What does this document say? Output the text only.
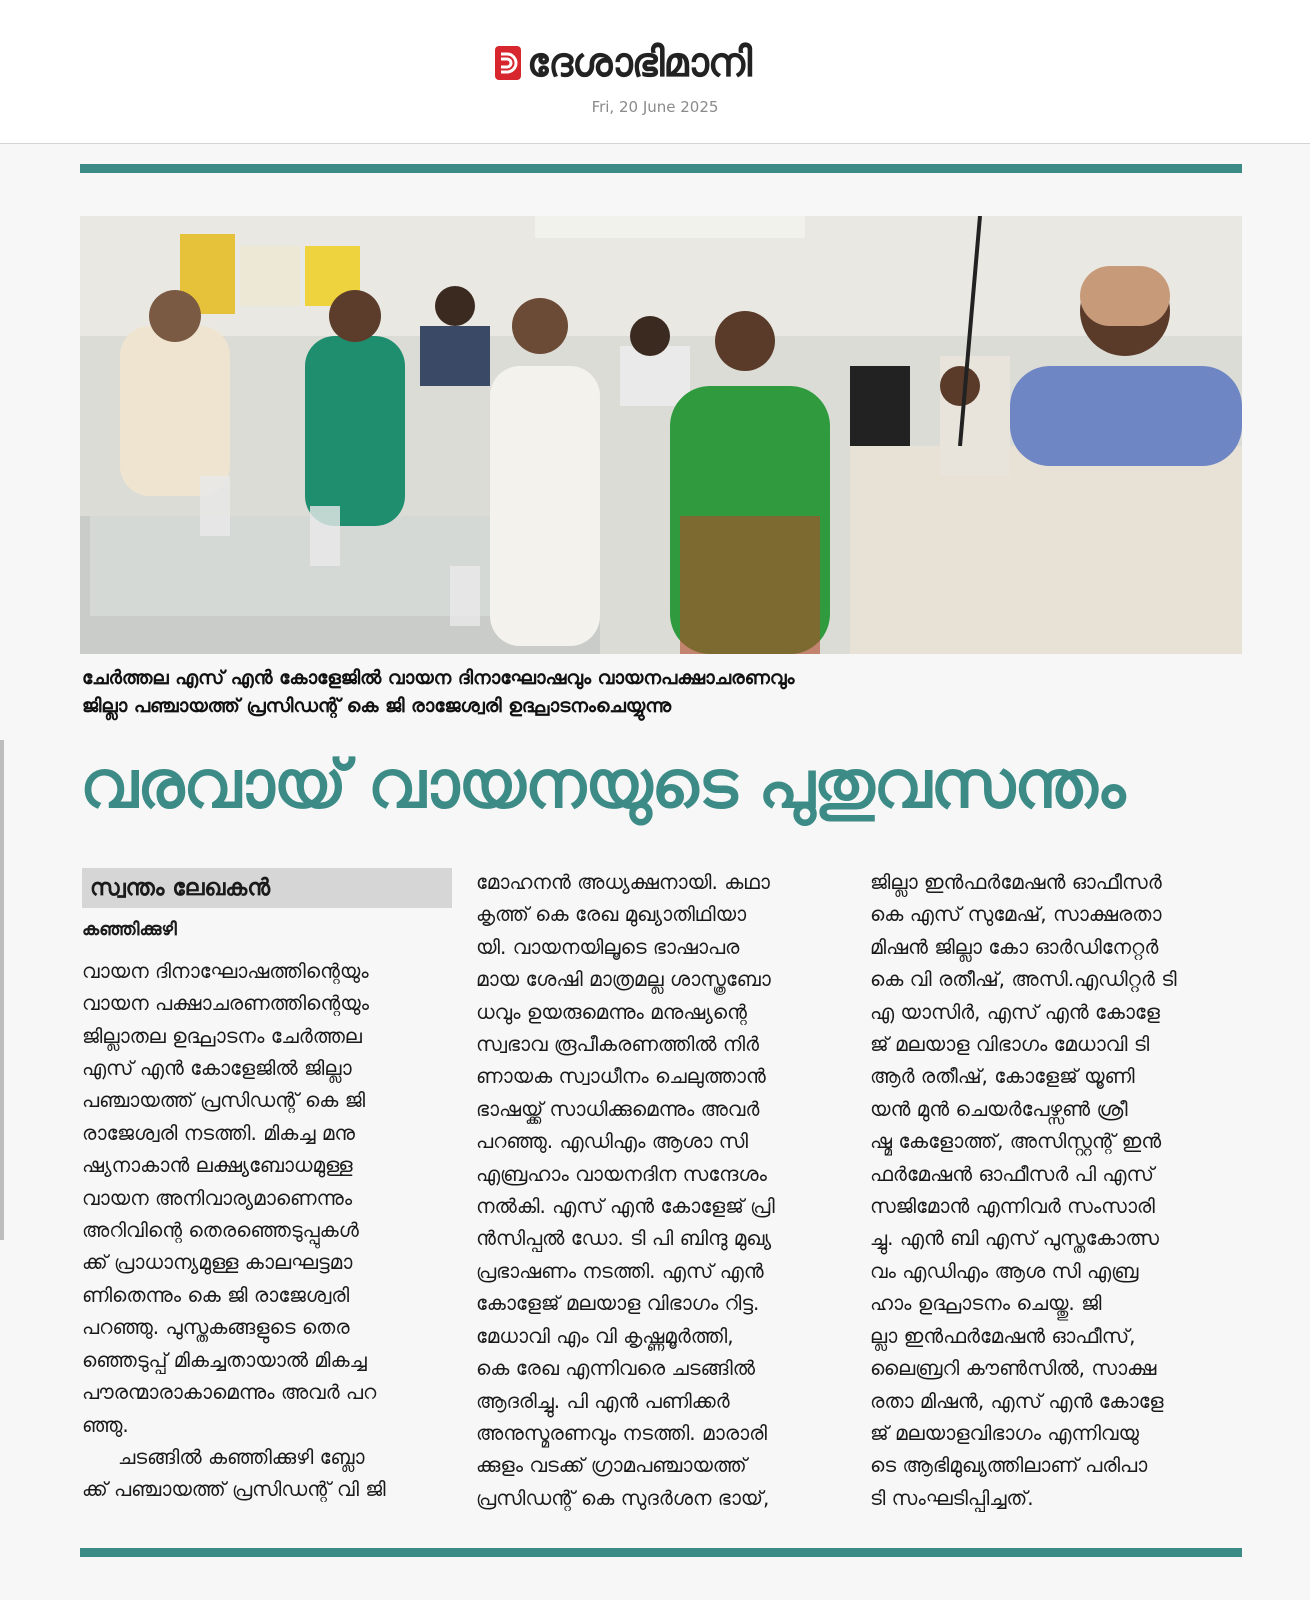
ദേശാഭിമാനി
Fri, 20 June 2025
ചേർത്തല എസ് എൻ കോളേജിൽ വായന ദിനാഘോഷവും വായനപക്ഷാചരണവും
ജില്ലാ പഞ്ചായത്ത് പ്രസിഡന്റ് കെ ജി രാജേശ്വരി ഉദ്ഘാടനംചെയ്യുന്നു
വരവായ് വായനയുടെ പുതുവസന്തം
സ്വന്തം ലേഖകൻ
കഞ്ഞിക്കുഴി
വായന ദിനാഘോഷത്തിന്റെയും
വായന പക്ഷാചരണത്തിന്റെയും
ജില്ലാതല ഉദ്ഘാടനം ചേർത്തല
എസ് എൻ കോളേജിൽ ജില്ലാ
പഞ്ചായത്ത് പ്രസിഡന്റ് കെ ജി
രാജേശ്വരി നടത്തി. മികച്ച മനു
ഷ്യനാകാൻ ലക്ഷ്യബോധമുള്ള
വായന അനിവാര്യമാണെന്നും
അറിവിന്റെ തെരഞ്ഞെടുപ്പുകൾ
ക്ക് പ്രാധാന്യമുള്ള കാലഘട്ടമാ
ണിതെന്നും കെ ജി രാജേശ്വരി
പറഞ്ഞു. പുസ്തകങ്ങളുടെ തെര
ഞ്ഞെടുപ്പ് മികച്ചതായാൽ മികച്ച
പൗരന്മാരാകാമെന്നും അവർ പറ
ഞ്ഞു.
ചടങ്ങിൽ കഞ്ഞിക്കുഴി ബ്ലോ
ക്ക് പഞ്ചായത്ത് പ്രസിഡന്റ് വി ജി
മോഹനൻ അധ്യക്ഷനായി. കഥാ
കൃത്ത് കെ രേഖ മുഖ്യാതിഥിയാ
യി. വായനയിലൂടെ ഭാഷാപര
മായ ശേഷി മാത്രമല്ല ശാസ്ത്രബോ
ധവും ഉയരുമെന്നും മനുഷ്യന്റെ
സ്വഭാവ രൂപീകരണത്തിൽ നിർ
ണായക സ്വാധീനം ചെലുത്താൻ
ഭാഷയ്ക്ക് സാധിക്കുമെന്നും അവർ
പറഞ്ഞു. എഡിഎം ആശാ സി
എബ്രഹാം വായനദിന സന്ദേശം
നൽകി. എസ് എൻ കോളേജ് പ്രി
ൻസിപ്പൽ ഡോ. ടി പി ബിന്ദു മുഖ്യ
പ്രഭാഷണം നടത്തി. എസ് എൻ
കോളേജ് മലയാള വിഭാഗം റിട്ട.
മേധാവി എം വി കൃഷ്ണമൂർത്തി,
കെ രേഖ എന്നിവരെ ചടങ്ങിൽ
ആദരിച്ചു. പി എൻ പണിക്കർ
അനുസ്മരണവും നടത്തി. മാരാരി
ക്കുളം വടക്ക് ഗ്രാമപഞ്ചായത്ത്
പ്രസിഡന്റ് കെ സുദർശന ഭായ്,
ജില്ലാ ഇൻഫർമേഷൻ ഓഫീസർ
കെ എസ് സുമേഷ്, സാക്ഷരതാ
മിഷൻ ജില്ലാ കോ ഓർഡിനേറ്റർ
കെ വി രതീഷ്, അസി.എഡിറ്റർ ടി
എ യാസിർ, എസ് എൻ കോളേ
ജ് മലയാള വിഭാഗം മേധാവി ടി
ആർ രതീഷ്, കോളേജ് യൂണി
യൻ മുൻ ചെയർപേഴ്സൺ ശ്രീ
ഷ്മ കേളോത്ത്, അസിസ്റ്റന്റ് ഇൻ
ഫർമേഷൻ ഓഫീസർ പി എസ്
സജിമോൻ എന്നിവർ സംസാരി
ച്ചു. എൻ ബി എസ് പുസ്തകോത്സ
വം എഡിഎം ആശ സി എബ്ര
ഹാം ഉദ്ഘാടനം ചെയ്തു. ജി
ല്ലാ ഇൻഫർമേഷൻ ഓഫീസ്,
ലൈബ്രറി കൗൺസിൽ, സാക്ഷ
രതാ മിഷൻ, എസ് എൻ കോളേ
ജ് മലയാളവിഭാഗം എന്നിവയു
ടെ ആഭിമുഖ്യത്തിലാണ് പരിപാ
ടി സംഘടിപ്പിച്ചത്.
